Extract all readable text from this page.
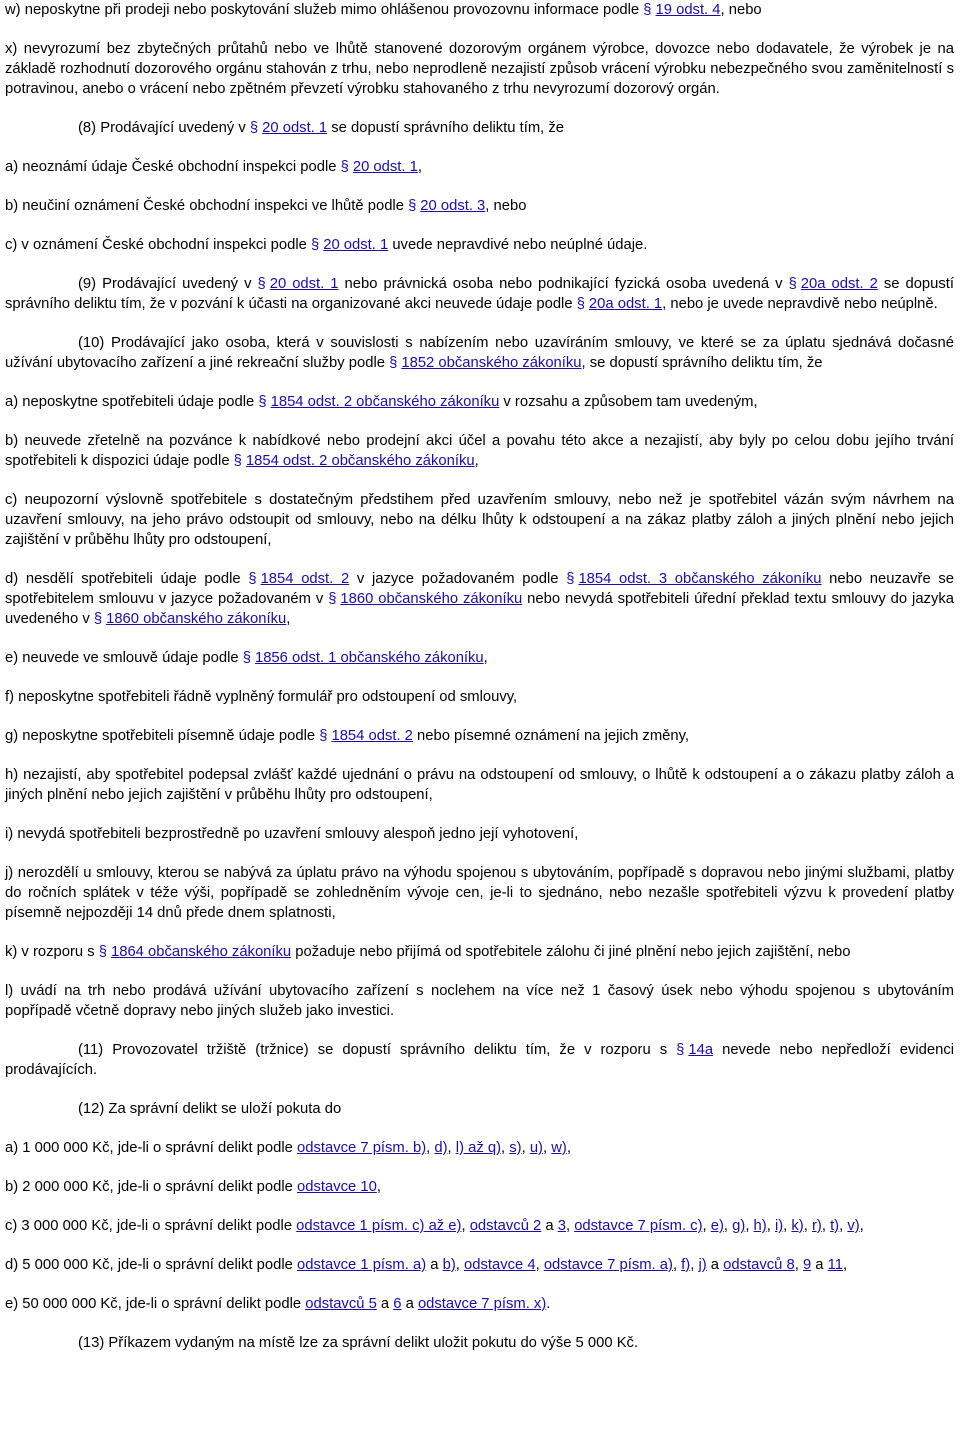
w) neposkytne při prodeji nebo poskytování služeb mimo ohlášenou provozovnu informace podle § 19 odst. 4, nebo

x) nevyrozumí bez zbytečných průtahů nebo ve lhůtě stanovené dozorovým orgánem výrobce, dovozce nebo dodavatele, že výrobek je na základě rozhodnutí dozorového orgánu stahován z trhu, nebo neprodleně nezajistí způsob vrácení výrobku nebezpečného svou zaměnitelností s potravinou, anebo o vrácení nebo zpětném převzetí výrobku stahovaného z trhu nevyrozumí dozorový orgán.

(8) Prodávající uvedený v § 20 odst. 1 se dopustí správního deliktu tím, že

a) neoznámí údaje České obchodní inspekci podle § 20 odst. 1,

b) neučiní oznámení České obchodní inspekci ve lhůtě podle § 20 odst. 3, nebo

c) v oznámení České obchodní inspekci podle § 20 odst. 1 uvede nepravdivé nebo neúplné údaje.

(9) Prodávající uvedený v § 20 odst. 1 nebo právnická osoba nebo podnikající fyzická osoba uvedená v § 20a odst. 2 se dopustí správního deliktu tím, že v pozvání k účasti na organizované akci neuvede údaje podle § 20a odst. 1, nebo je uvede nepravdivě nebo neúplně.

(10) Prodávající jako osoba, která v souvislosti s nabízením nebo uzavíráním smlouvy, ve které se za úplatu sjednává dočasné užívání ubytovacího zařízení a jiné rekreační služby podle § 1852 občanského zákoníku, se dopustí správního deliktu tím, že

a) neposkytne spotřebiteli údaje podle § 1854 odst. 2 občanského zákoníku v rozsahu a způsobem tam uvedeným,

b) neuvede zřetelně na pozvánce k nabídkové nebo prodejní akci účel a povahu této akce a nezajistí, aby byly po celou dobu jejího trvání spotřebiteli k dispozici údaje podle § 1854 odst. 2 občanského zákoníku,

c) neupozorní výslovně spotřebitele s dostatečným předstihem před uzavřením smlouvy, nebo než je spotřebitel vázán svým návrhem na uzavření smlouvy, na jeho právo odstoupit od smlouvy, nebo na délku lhůty k odstoupení a na zákaz platby záloh a jiných plnění nebo jejich zajištění v průběhu lhůty pro odstoupení,

d) nesdělí spotřebiteli údaje podle § 1854 odst. 2 v jazyce požadovaném podle § 1854 odst. 3 občanského zákoníku nebo neuzavře se spotřebitelem smlouvu v jazyce požadovaném v § 1860 občanského zákoníku nebo nevydá spotřebiteli úřední překlad textu smlouvy do jazyka uvedeného v § 1860 občanského zákoníku,

e) neuvede ve smlouvě údaje podle § 1856 odst. 1 občanského zákoníku,

f) neposkytne spotřebiteli řádně vyplněný formulář pro odstoupení od smlouvy,

g) neposkytne spotřebiteli písemně údaje podle § 1854 odst. 2 nebo písemné oznámení na jejich změny,

h) nezajistí, aby spotřebitel podepsal zvlášť každé ujednání o právu na odstoupení od smlouvy, o lhůtě k odstoupení a o zákazu platby záloh a jiných plnění nebo jejich zajištění v průběhu lhůty pro odstoupení,

i) nevydá spotřebiteli bezprostředně po uzavření smlouvy alespoň jedno její vyhotovení,

j) nerozdělí u smlouvy, kterou se nabývá za úplatu právo na výhodu spojenou s ubytováním, popřípadě s dopravou nebo jinými službami, platby do ročních splátek v téže výši, popřípadě se zohledněním vývoje cen, je-li to sjednáno, nebo nezašle spotřebiteli výzvu k provedení platby písemně nejpozději 14 dnů přede dnem splatnosti,

k) v rozporu s § 1864 občanského zákoníku požaduje nebo přijímá od spotřebitele zálohu či jiné plnění nebo jejich zajištění, nebo

l) uvádí na trh nebo prodává užívání ubytovacího zařízení s noclehem na více než 1 časový úsek nebo výhodu spojenou s ubytováním popřípadě včetně dopravy nebo jiných služeb jako investici.

(11) Provozovatel tržiště (tržnice) se dopustí správního deliktu tím, že v rozporu s § 14a nevede nebo nepředloží evidenci prodávajících.

(12) Za správní delikt se uloží pokuta do

a) 1 000 000 Kč, jde-li o správní delikt podle odstavce 7 písm. b), d), l) až q), s), u), w),

b) 2 000 000 Kč, jde-li o správní delikt podle odstavce 10,

c) 3 000 000 Kč, jde-li o správní delikt podle odstavce 1 písm. c) až e), odstavců 2 a 3, odstavce 7 písm. c), e), g), h), i), k), r), t), v),

d) 5 000 000 Kč, jde-li o správní delikt podle odstavce 1 písm. a) a b), odstavce 4, odstavce 7 písm. a), f), j) a odstavců 8, 9 a 11,

e) 50 000 000 Kč, jde-li o správní delikt podle odstavců 5 a 6 a odstavce 7 písm. x).

(13) Příkazem vydaným na místě lze za správní delikt uložit pokutu do výše 5 000 Kč.
